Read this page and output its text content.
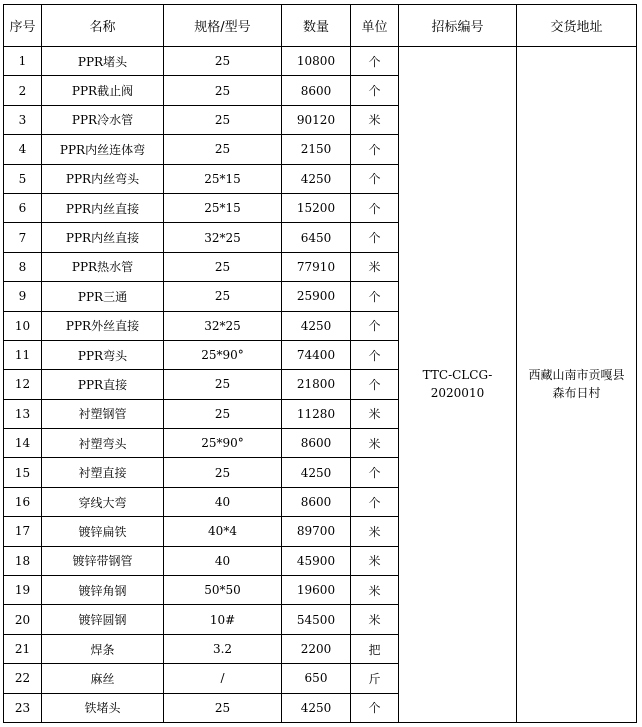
序号	名称	规格/型号	数量	单位	招标编号	交货地址
1	PPR堵头	25	10800	个	TTC-CLCG-2020010	西藏山南市贡嘎县森布日村
2	PPR截止阀	25	8600	个		
3	PPR冷水管	25	90120	米		
4	PPR内丝连体弯	25	2150	个		
5	PPR内丝弯头	25*15	4250	个		
6	PPR内丝直接	25*15	15200	个		
7	PPR内丝直接	32*25	6450	个		
8	PPR热水管	25	77910	米		
9	PPR三通	25	25900	个		
10	PPR外丝直接	32*25	4250	个		
11	PPR弯头	25*90°	74400	个		
12	PPR直接	25	21800	个		
13	衬塑钢管	25	11280	米		
14	衬塑弯头	25*90°	8600	米		
15	衬塑直接	25	4250	个		
16	穿线大弯	40	8600	个		
17	镀锌扁铁	40*4	89700	米		
18	镀锌带钢管	40	45900	米		
19	镀锌角钢	50*50	19600	米		
20	镀锌圆钢	10#	54500	米		
21	焊条	3.2	2200	把		
22	麻丝	/	650	斤		
23	铁堵头	25	4250	个		
